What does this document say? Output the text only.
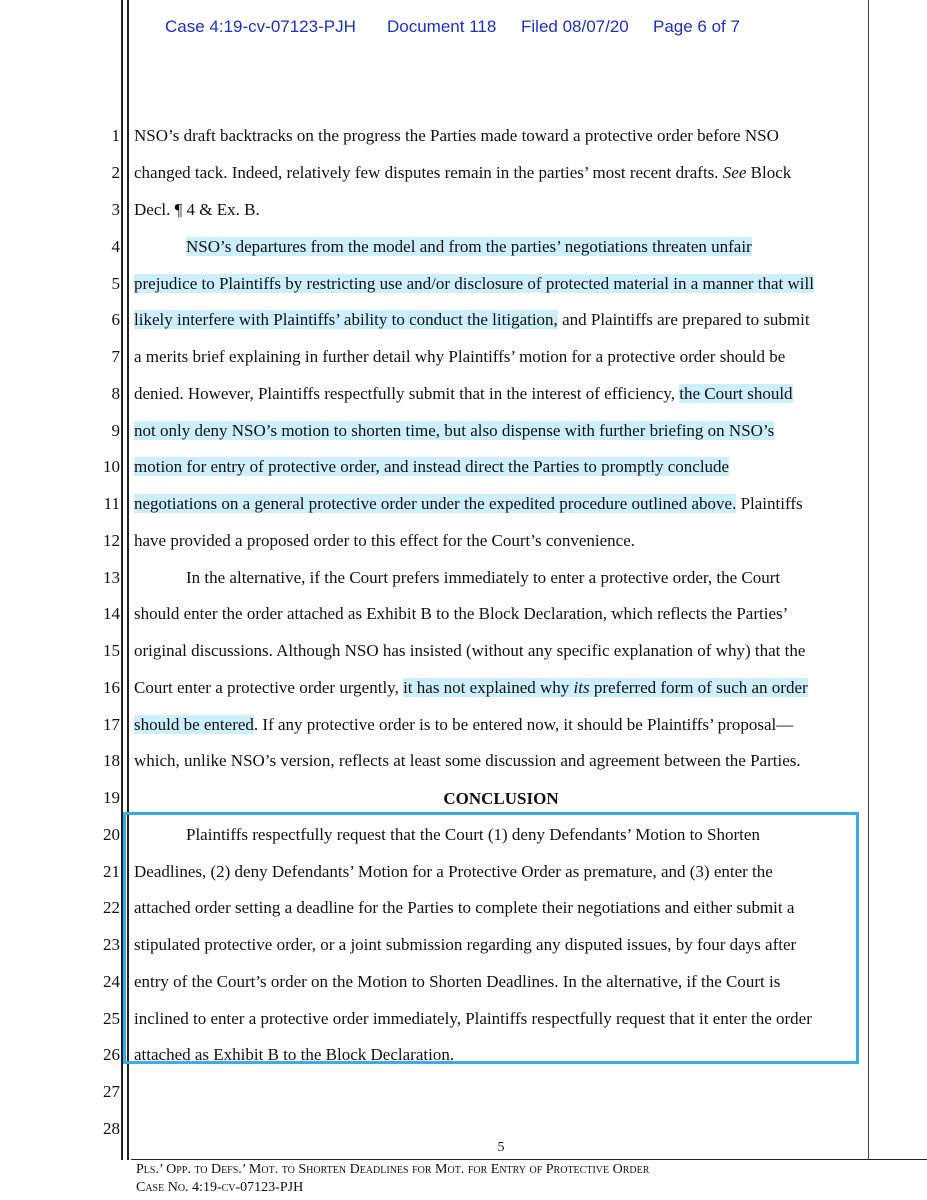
Case 4:19-cv-07123-PJH Document 118 Filed 08/07/20 Page 6 of 7
1
2
3
4
5
6
7
8
9
10
11
12
13
14
15
16
17
18
19
20
21
22
23
24
25
26
27
28
NSO’s draft backtracks on the progress the Parties made toward a protective order before NSO
changed tack. Indeed, relatively few disputes remain in the parties’ most recent drafts. See Block
Decl. ¶ 4 & Ex. B.
NSO’s departures from the model and from the parties’ negotiations threaten unfair
prejudice to Plaintiffs by restricting use and/or disclosure of protected material in a manner that will
likely interfere with Plaintiffs’ ability to conduct the litigation, and Plaintiffs are prepared to submit
a merits brief explaining in further detail why Plaintiffs’ motion for a protective order should be
denied. However, Plaintiffs respectfully submit that in the interest of efficiency, the Court should
not only deny NSO’s motion to shorten time, but also dispense with further briefing on NSO’s
motion for entry of protective order, and instead direct the Parties to promptly conclude
negotiations on a general protective order under the expedited procedure outlined above. Plaintiffs
have provided a proposed order to this effect for the Court’s convenience.
In the alternative, if the Court prefers immediately to enter a protective order, the Court
should enter the order attached as Exhibit B to the Block Declaration, which reflects the Parties’
original discussions. Although NSO has insisted (without any specific explanation of why) that the
Court enter a protective order urgently, it has not explained why its preferred form of such an order
should be entered. If any protective order is to be entered now, it should be Plaintiffs’ proposal—
which, unlike NSO’s version, reflects at least some discussion and agreement between the Parties.
CONCLUSION
Plaintiffs respectfully request that the Court (1) deny Defendants’ Motion to Shorten
Deadlines, (2) deny Defendants’ Motion for a Protective Order as premature, and (3) enter the
attached order setting a deadline for the Parties to complete their negotiations and either submit a
stipulated protective order, or a joint submission regarding any disputed issues, by four days after
entry of the Court’s order on the Motion to Shorten Deadlines. In the alternative, if the Court is
inclined to enter a protective order immediately, Plaintiffs respectfully request that it enter the order
attached as Exhibit B to the Block Declaration.
5
Pls.’ Opp. to Defs.’ Mot. to Shorten Deadlines for Mot. for Entry of Protective Order
Case No. 4:19-cv-07123-PJH
